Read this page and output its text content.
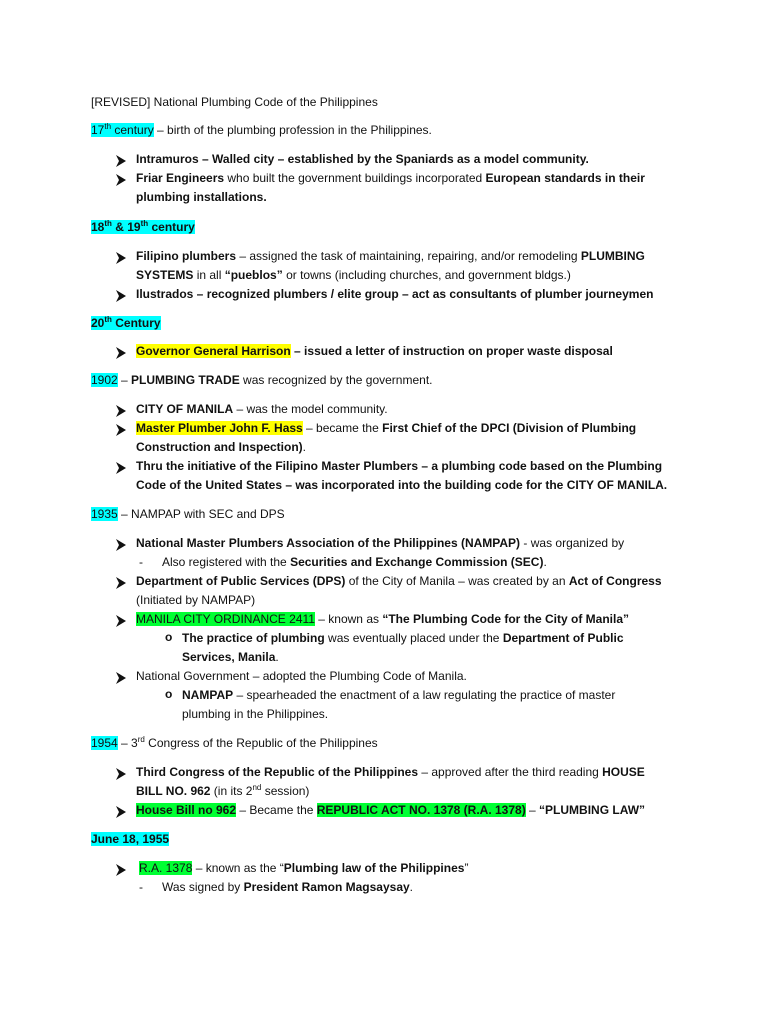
[REVISED] National Plumbing Code of the Philippines
17th century – birth of the plumbing profession in the Philippines.
Intramuros – Walled city – established by the Spaniards as a model community.
Friar Engineers who built the government buildings incorporated European standards in their
plumbing installations.
18th & 19th century
Filipino plumbers – assigned the task of maintaining, repairing, and/or remodeling PLUMBING
SYSTEMS in all “pueblos” or towns (including churches, and government bldgs.)
Ilustrados – recognized plumbers / elite group – act as consultants of plumber journeymen
20th Century
Governor General Harrison – issued a letter of instruction on proper waste disposal
1902 – PLUMBING TRADE was recognized by the government.
CITY OF MANILA – was the model community.
Master Plumber John F. Hass – became the First Chief of the DPCI (Division of Plumbing
Construction and Inspection).
Thru the initiative of the Filipino Master Plumbers – a plumbing code based on the Plumbing
Code of the United States – was incorporated into the building code for the CITY OF MANILA.
1935 – NAMPAP with SEC and DPS
National Master Plumbers Association of the Philippines (NAMPAP) - was organized by
- Also registered with the Securities and Exchange Commission (SEC).
Department of Public Services (DPS) of the City of Manila – was created by an Act of Congress
(Initiated by NAMPAP)
MANILA CITY ORDINANCE 2411 – known as “The Plumbing Code for the City of Manila”
o The practice of plumbing was eventually placed under the Department of Public
Services, Manila.
National Government – adopted the Plumbing Code of Manila.
o NAMPAP – spearheaded the enactment of a law regulating the practice of master
plumbing in the Philippines.
1954 – 3rd Congress of the Republic of the Philippines
Third Congress of the Republic of the Philippines – approved after the third reading HOUSE
BILL NO. 962 (in its 2nd session)
House Bill no 962 – Became the REPUBLIC ACT NO. 1378 (R.A. 1378) – “PLUMBING LAW”
June 18, 1955
R.A. 1378 – known as the “Plumbing law of the Philippines”
- Was signed by President Ramon Magsaysay.
